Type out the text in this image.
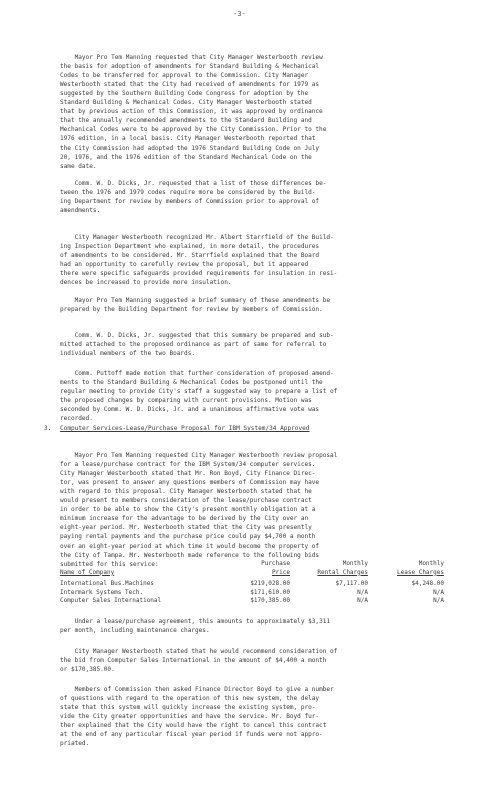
-3-

Mayor Pro Tem Manning requested that City Manager Westerbooth review
the basis for adoption of amendments for Standard Building & Mechanical
Codes to be transferred for approval to the Commission. City Manager
Westerbooth stated that the City had received of amendments for 1979 as
suggested by the Southern Building Code Congress for adoption by the
Standard Building & Mechanical Codes. City Manager Westerbooth stated
that by previous action of this Commission, it was approved by ordinance
that the annually recommended amendments to the Standard Building and
Mechanical Codes were to be approved by the City Commission. Prior to the
1976 edition, in a local basis. City Manager Westerbooth reported that
the City Commission had adopted the 1976 Standard Building Code on July
20, 1976, and the 1976 edition of the Standard Mechanical Code on the
same date.

Comm. W. D. Dicks, Jr. requested that a list of those differences be-
tween the 1976 and 1979 codes require more be considered by the Build-
ing Department for review by members of Commission prior to approval of
amendments.

City Manager Westerbooth recognized Mr. Albert Starrfield of the Build-
ing Inspection Department who explained, in more detail, the procedures
of amendments to be considered. Mr. Starrfield explained that the Board
had an opportunity to carefully review the proposal, but it appeared
there were specific safeguards provided requirements for insulation in resi-
dences be increased to provide more insulation.

Mayor Pro Tem Manning suggested a brief summary of these amendments be
prepared by the Building Department for review by members of Commission.

Comm. W. D. Dicks, Jr. suggested that this summary be prepared and sub-
mitted attached to the proposed ordinance as part of same for referral to
individual members of the two Boards.

Comm. Puttoff made motion that further consideration of proposed amend-
ments to the Standard Building & Mechanical Codes be postponed until the
regular meeting to provide City's staff a suggested way to prepare a list of
the proposed changes by comparing with current provisions. Motion was
seconded by Comm. W. D. Dicks, Jr. and a unanimous affirmative vote was
recorded.

3. Computer Services-Lease/Purchase Proposal for IBM System/34 Approved

Mayor Pro Tem Manning requested City Manager Westerbooth review proposal
for a lease/purchase contract for the IBM System/34 computer services.
City Manager Westerbooth stated that Mr. Ron Boyd, City Finance Direc-
tor, was present to answer any questions members of Commission may have
with regard to this proposal. City Manager Westerbooth stated that he
would present to members consideration of the lease/purchase contract
in order to be able to show the City's present monthly obligation at a
minimum increase for the advantage to be derived by the City over an
eight-year period. Mr. Westerbooth stated that the City was presently
paying rental payments and the purchase price could pay $4,700 a month
over an eight-year period at which time it would become the property of
the City of Tampa. Mr. Westerbooth made reference to the following bids
submitted for this service:
	Purchase	Monthly	Monthly
Name of Company	Price	Rental Charges	Lease Charges
International Bus.Machines	$219,028.00	$7,117.00	$4,248.00
Intermark Systems Tech.	$171,610.00	N/A	N/A
Computer Sales International	$170,385.00	N/A	N/A

Under a lease/purchase agreement, this amounts to approximately $3,311
per month, including maintenance charges.

City Manager Westerbooth stated that he would recommend consideration of
the bid from Computer Sales International in the amount of $4,400 a month
or $170,385.00.

Members of Commission then asked Finance Director Boyd to give a number
of questions with regard to the operation of this new system, the delay
state that this system will quickly increase the existing system, pro-
vide the City greater opportunities and have the service. Mr. Boyd fur-
ther explained that the City would have the right to cancel this contract
at the end of any particular fiscal year period if funds were not appro-
priated.
